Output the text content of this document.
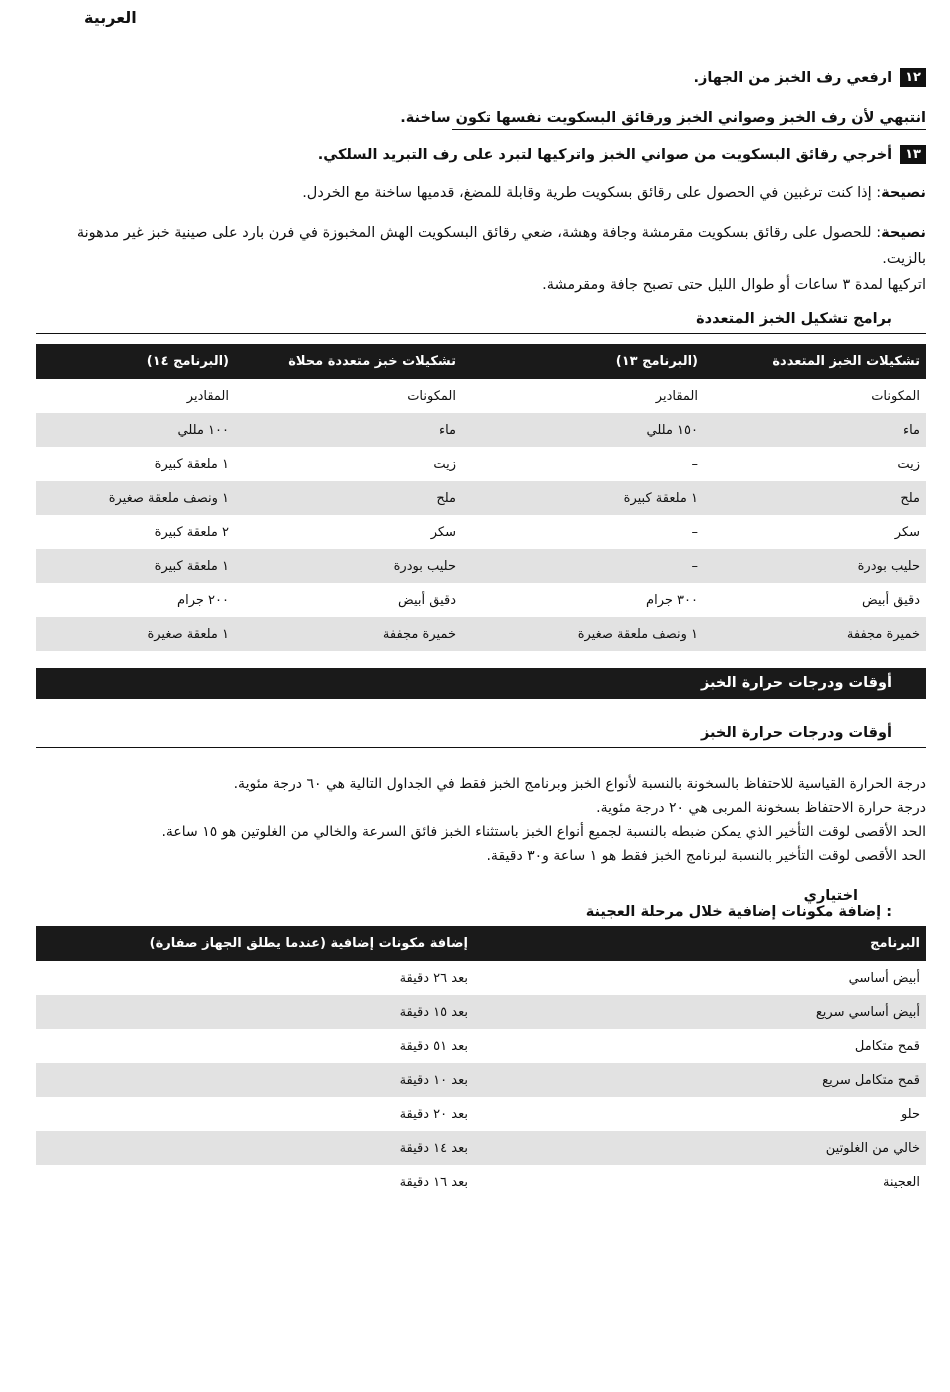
العربية
١٢
ارفعي رف الخبز من الجهاز.
انتبهي لأن رف الخبز وصواني الخبز ورقائق البسكويت نفسها تكون ساخنة.
١٣
أخرجي رقائق البسكويت من صواني الخبز واتركيها لتبرد على رف التبريد السلكي.
نصيحة: إذا كنت ترغبين في الحصول على رقائق بسكويت طرية وقابلة للمضغ، قدميها ساخنة مع الخردل.
نصيحة: للحصول على رقائق بسكويت مقرمشة وجافة وهشة، ضعي رقائق البسكويت الهش المخبوزة في فرن بارد على صينية خبز غير مدهونة بالزيت.
اتركيها لمدة ٣ ساعات أو طوال الليل حتى تصبح جافة ومقرمشة.
برامج تشكيل الخبز المتعددة
تشكيلات الخبز المتعددة	(البرنامج ١٣)	تشكيلات خبز متعددة محلاة	(البرنامج ١٤)
المكونات	المقادير	المكونات	المقادير
ماء	١٥٠ مللي	ماء	١٠٠ مللي
زيت	–	زيت	١ ملعقة كبيرة
ملح	١ ملعقة كبيرة	ملح	١ ونصف ملعقة صغيرة
سكر	–	سكر	٢ ملعقة كبيرة
حليب بودرة	–	حليب بودرة	١ ملعقة كبيرة
دقيق أبيض	٣٠٠ جرام	دقيق أبيض	٢٠٠ جرام
خميرة مجففة	١ ونصف ملعقة صغيرة	خميرة مجففة	١ ملعقة صغيرة
أوقات ودرجات حرارة الخبز
أوقات ودرجات حرارة الخبز
درجة الحرارة القياسية للاحتفاظ بالسخونة بالنسبة لأنواع الخبز وبرنامج الخبز فقط في الجداول التالية هي ٦٠ درجة مئوية.
درجة حرارة الاحتفاظ بسخونة المربى هي ٢٠ درجة مئوية.
الحد الأقصى لوقت التأخير الذي يمكن ضبطه بالنسبة لجميع أنواع الخبز باستثناء الخبز فائق السرعة والخالي من الغلوتين هو ١٥ ساعة.
الحد الأقصى لوقت التأخير بالنسبة لبرنامج الخبز فقط هو ١ ساعة و٣٠ دقيقة.
اختياري
: إضافة مكونات إضافية خلال مرحلة العجينة
البرنامج	إضافة مكونات إضافية (عندما يطلق الجهاز صفارة)
أبيض أساسي	بعد ٢٦ دقيقة
أبيض أساسي سريع	بعد ١٥ دقيقة
قمح متكامل	بعد ٥١ دقيقة
قمح متكامل سريع	بعد ١٠ دقيقة
حلو	بعد ٢٠ دقيقة
خالي من الغلوتين	بعد ١٤ دقيقة
العجينة	بعد ١٦ دقيقة
